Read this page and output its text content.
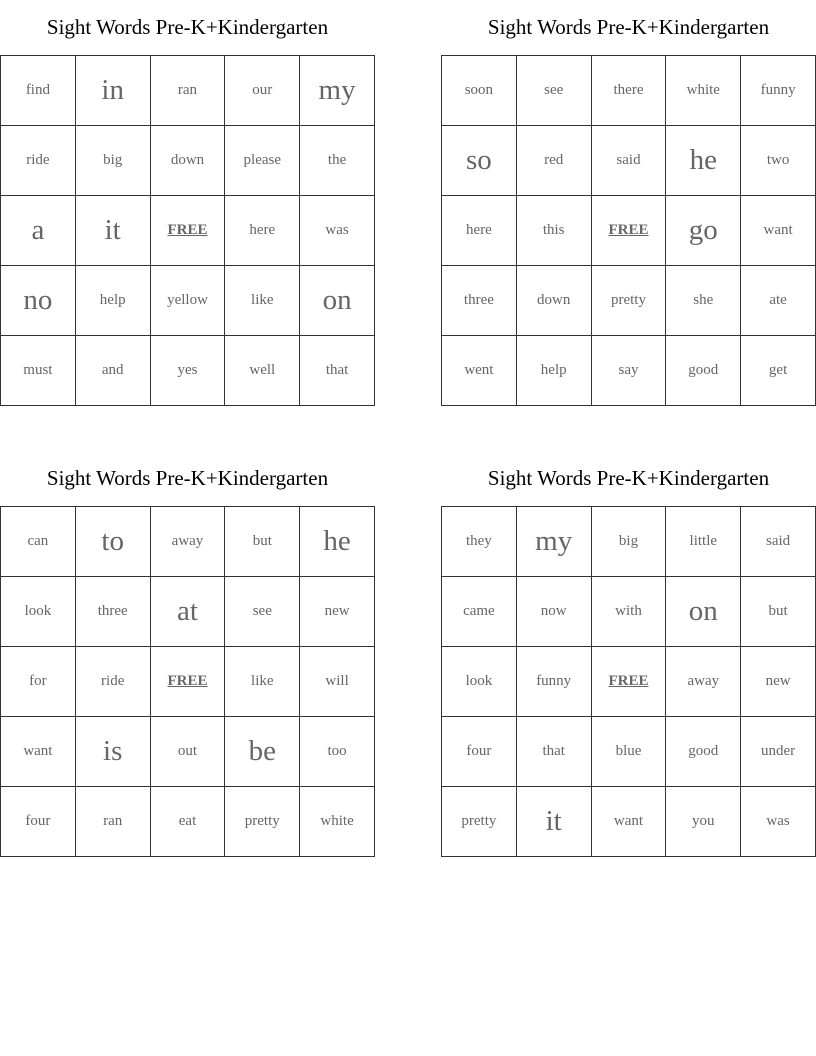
Sight Words Pre-K+Kindergarten
find	in	ran	our	my
ride	big	down	please	the
a	it	FREE	here	was
no	help	yellow	like	on
must	and	yes	well	that
Sight Words Pre-K+Kindergarten
soon	see	there	white	funny
so	red	said	he	two
here	this	FREE	go	want
three	down	pretty	she	ate
went	help	say	good	get
Sight Words Pre-K+Kindergarten
can	to	away	but	he
look	three	at	see	new
for	ride	FREE	like	will
want	is	out	be	too
four	ran	eat	pretty	white
Sight Words Pre-K+Kindergarten
they	my	big	little	said
came	now	with	on	but
look	funny	FREE	away	new
four	that	blue	good	under
pretty	it	want	you	was
